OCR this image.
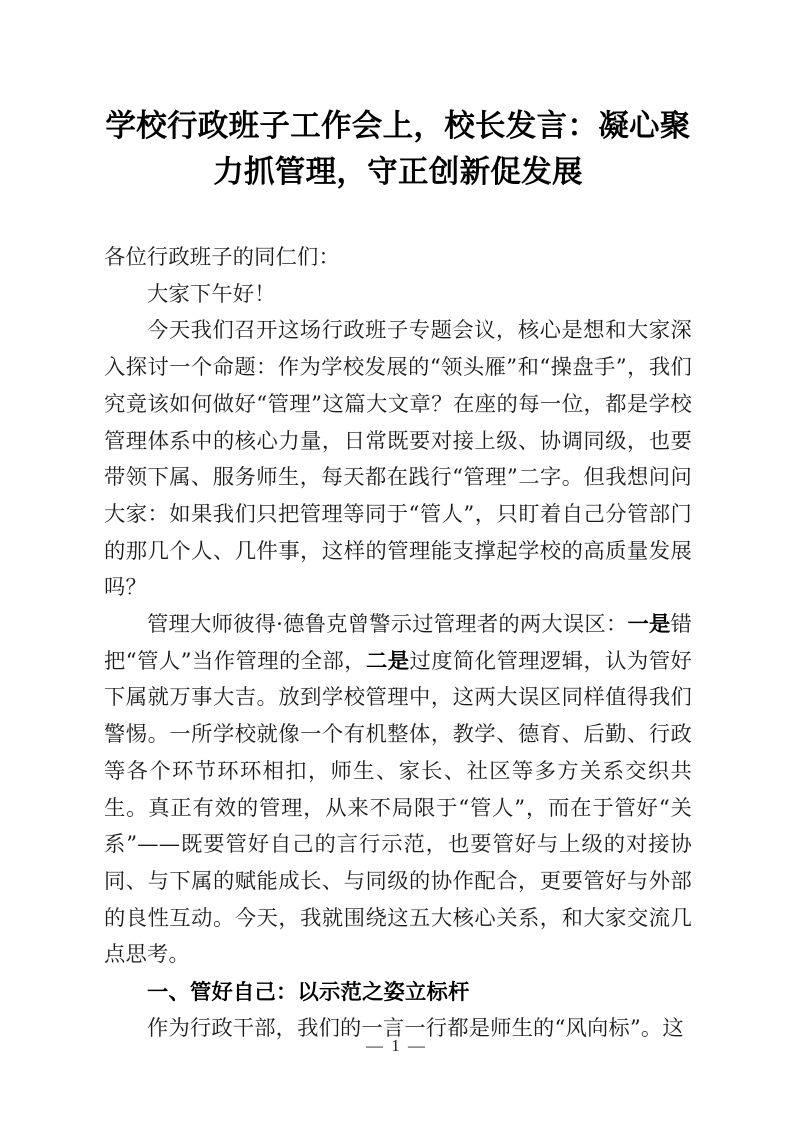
学校行政班子工作会上，校长发言：凝心聚力抓管理，守正创新促发展

各位行政班子的同仁们：

大家下午好！

今天我们召开这场行政班子专题会议，核心是想和大家深入探讨一个命题：作为学校发展的“领头雁”和“操盘手”，我们究竟该如何做好“管理”这篇大文章？在座的每一位，都是学校管理体系中的核心力量，日常既要对接上级、协调同级，也要带领下属、服务师生，每天都在践行“管理”二字。但我想问问大家：如果我们只把管理等同于“管人”，只盯着自己分管部门的那几个人、几件事，这样的管理能支撑起学校的高质量发展吗？

管理大师彼得·德鲁克曾警示过管理者的两大误区：一是错把“管人”当作管理的全部，二是过度简化管理逻辑，认为管好下属就万事大吉。放到学校管理中，这两大误区同样值得我们警惕。一所学校就像一个有机整体，教学、德育、后勤、行政等各个环节环环相扣，师生、家长、社区等多方关系交织共生。真正有效的管理，从来不局限于“管人”，而在于管好“关系”——既要管好自己的言行示范，也要管好与上级的对接协同、与下属的赋能成长、与同级的协作配合，更要管好与外部的良性互动。今天，我就围绕这五大核心关系，和大家交流几点思考。

一、管好自己：以示范之姿立标杆

作为行政干部，我们的一言一行都是师生的“风向标”。这

— 1 —
